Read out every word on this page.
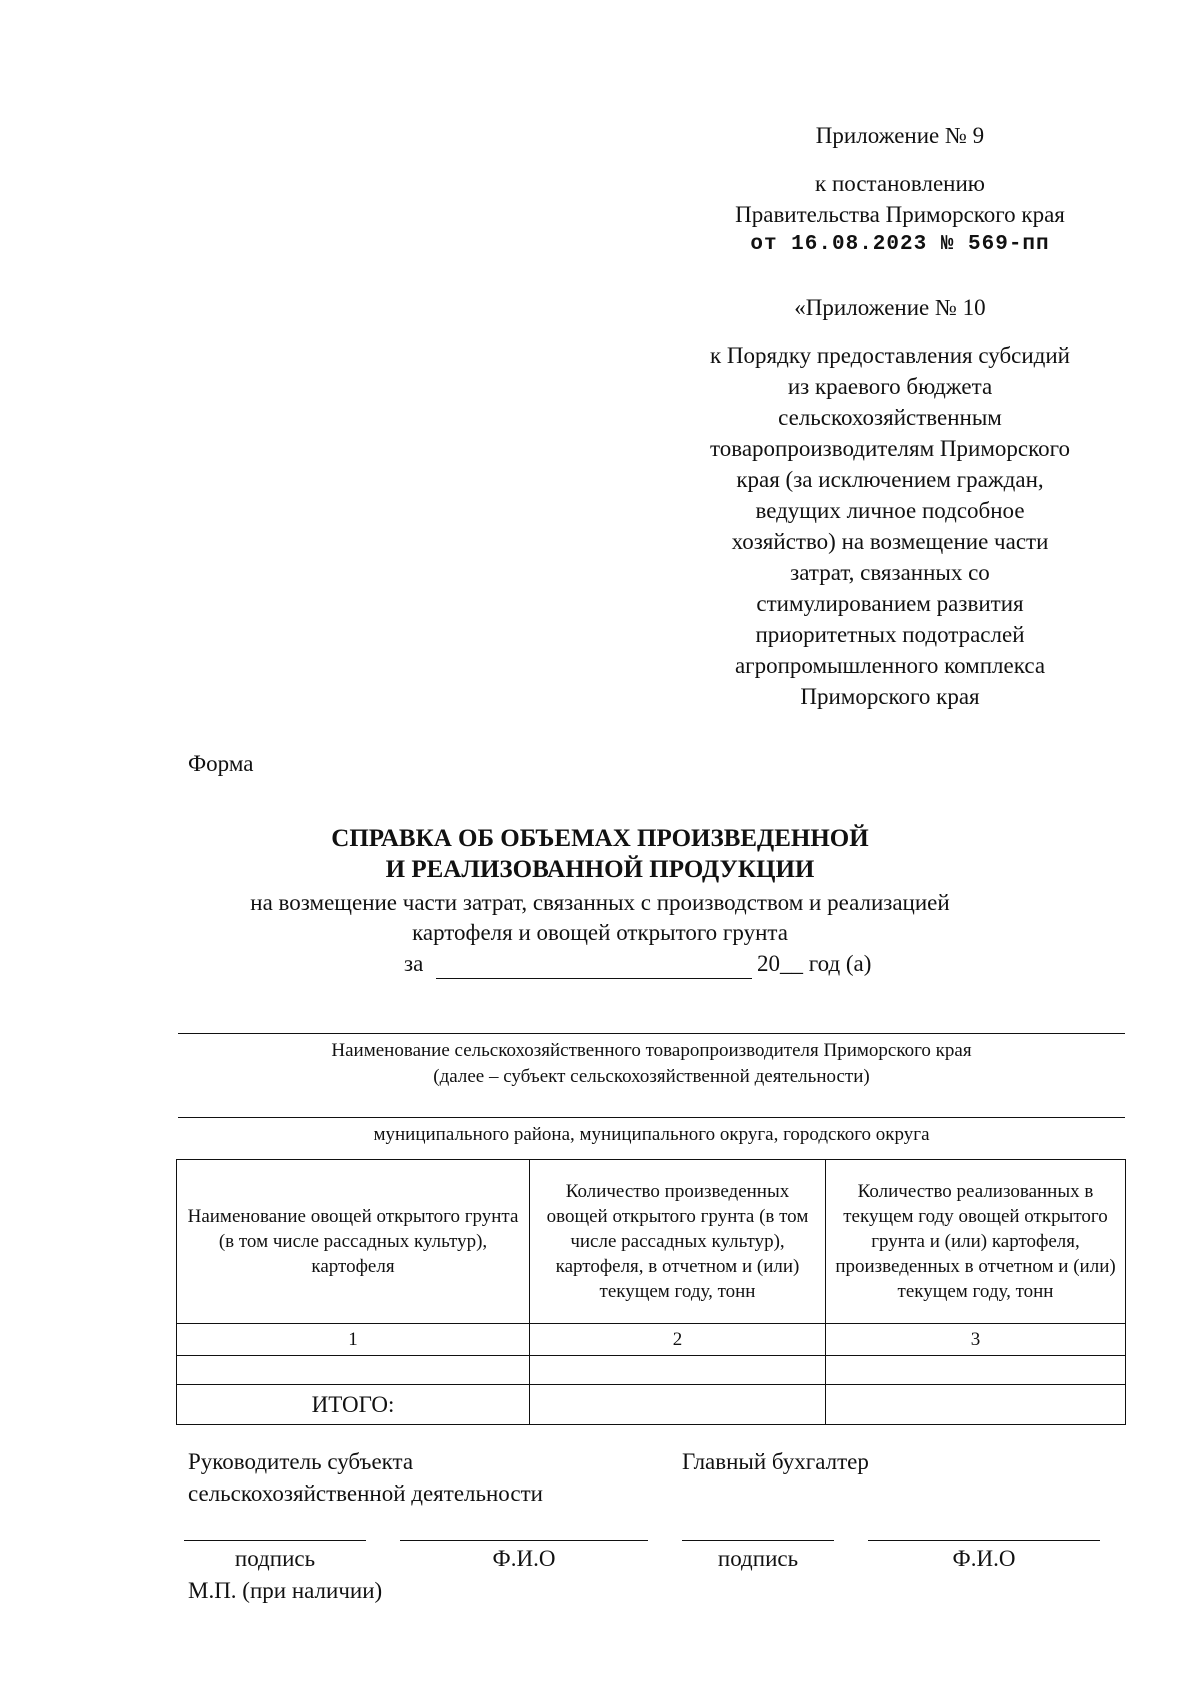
Приложение № 9
к постановлению
Правительства Приморского края
от 16.08.2023 № 569-пп
«Приложение № 10
к Порядку предоставления субсидий
из краевого бюджета
сельскохозяйственным
товаропроизводителям Приморского
края (за исключением граждан,
ведущих личное подсобное
хозяйство) на возмещение части
затрат, связанных со
стимулированием развития
приоритетных подотраслей
агропромышленного комплекса
Приморского края
Форма
СПРАВКА ОБ ОБЪЕМАХ ПРОИЗВЕДЕННОЙ
И РЕАЛИЗОВАННОЙ ПРОДУКЦИИ
на возмещение части затрат, связанных с производством и реализацией
картофеля и овощей открытого грунта
за	20__ год (а)
Наименование сельскохозяйственного товаропроизводителя Приморского края
(далее – субъект сельскохозяйственной деятельности)
муниципального района, муниципального округа, городского округа
Наименование овощей открытого грунта (в том числе рассадных культур), картофеля	Количество произведенных овощей открытого грунта (в том числе рассадных культур), картофеля, в отчетном и (или) текущем году, тонн	Количество реализованных в текущем году овощей открытого грунта и (или) картофеля, произведенных в отчетном и (или) текущем году, тонн
1	2	3

ИТОГО:		
Руководитель субъекта
сельскохозяйственной деятельности
Главный бухгалтер
подпись	Ф.И.О	подпись	Ф.И.О
М.П. (при наличии)
